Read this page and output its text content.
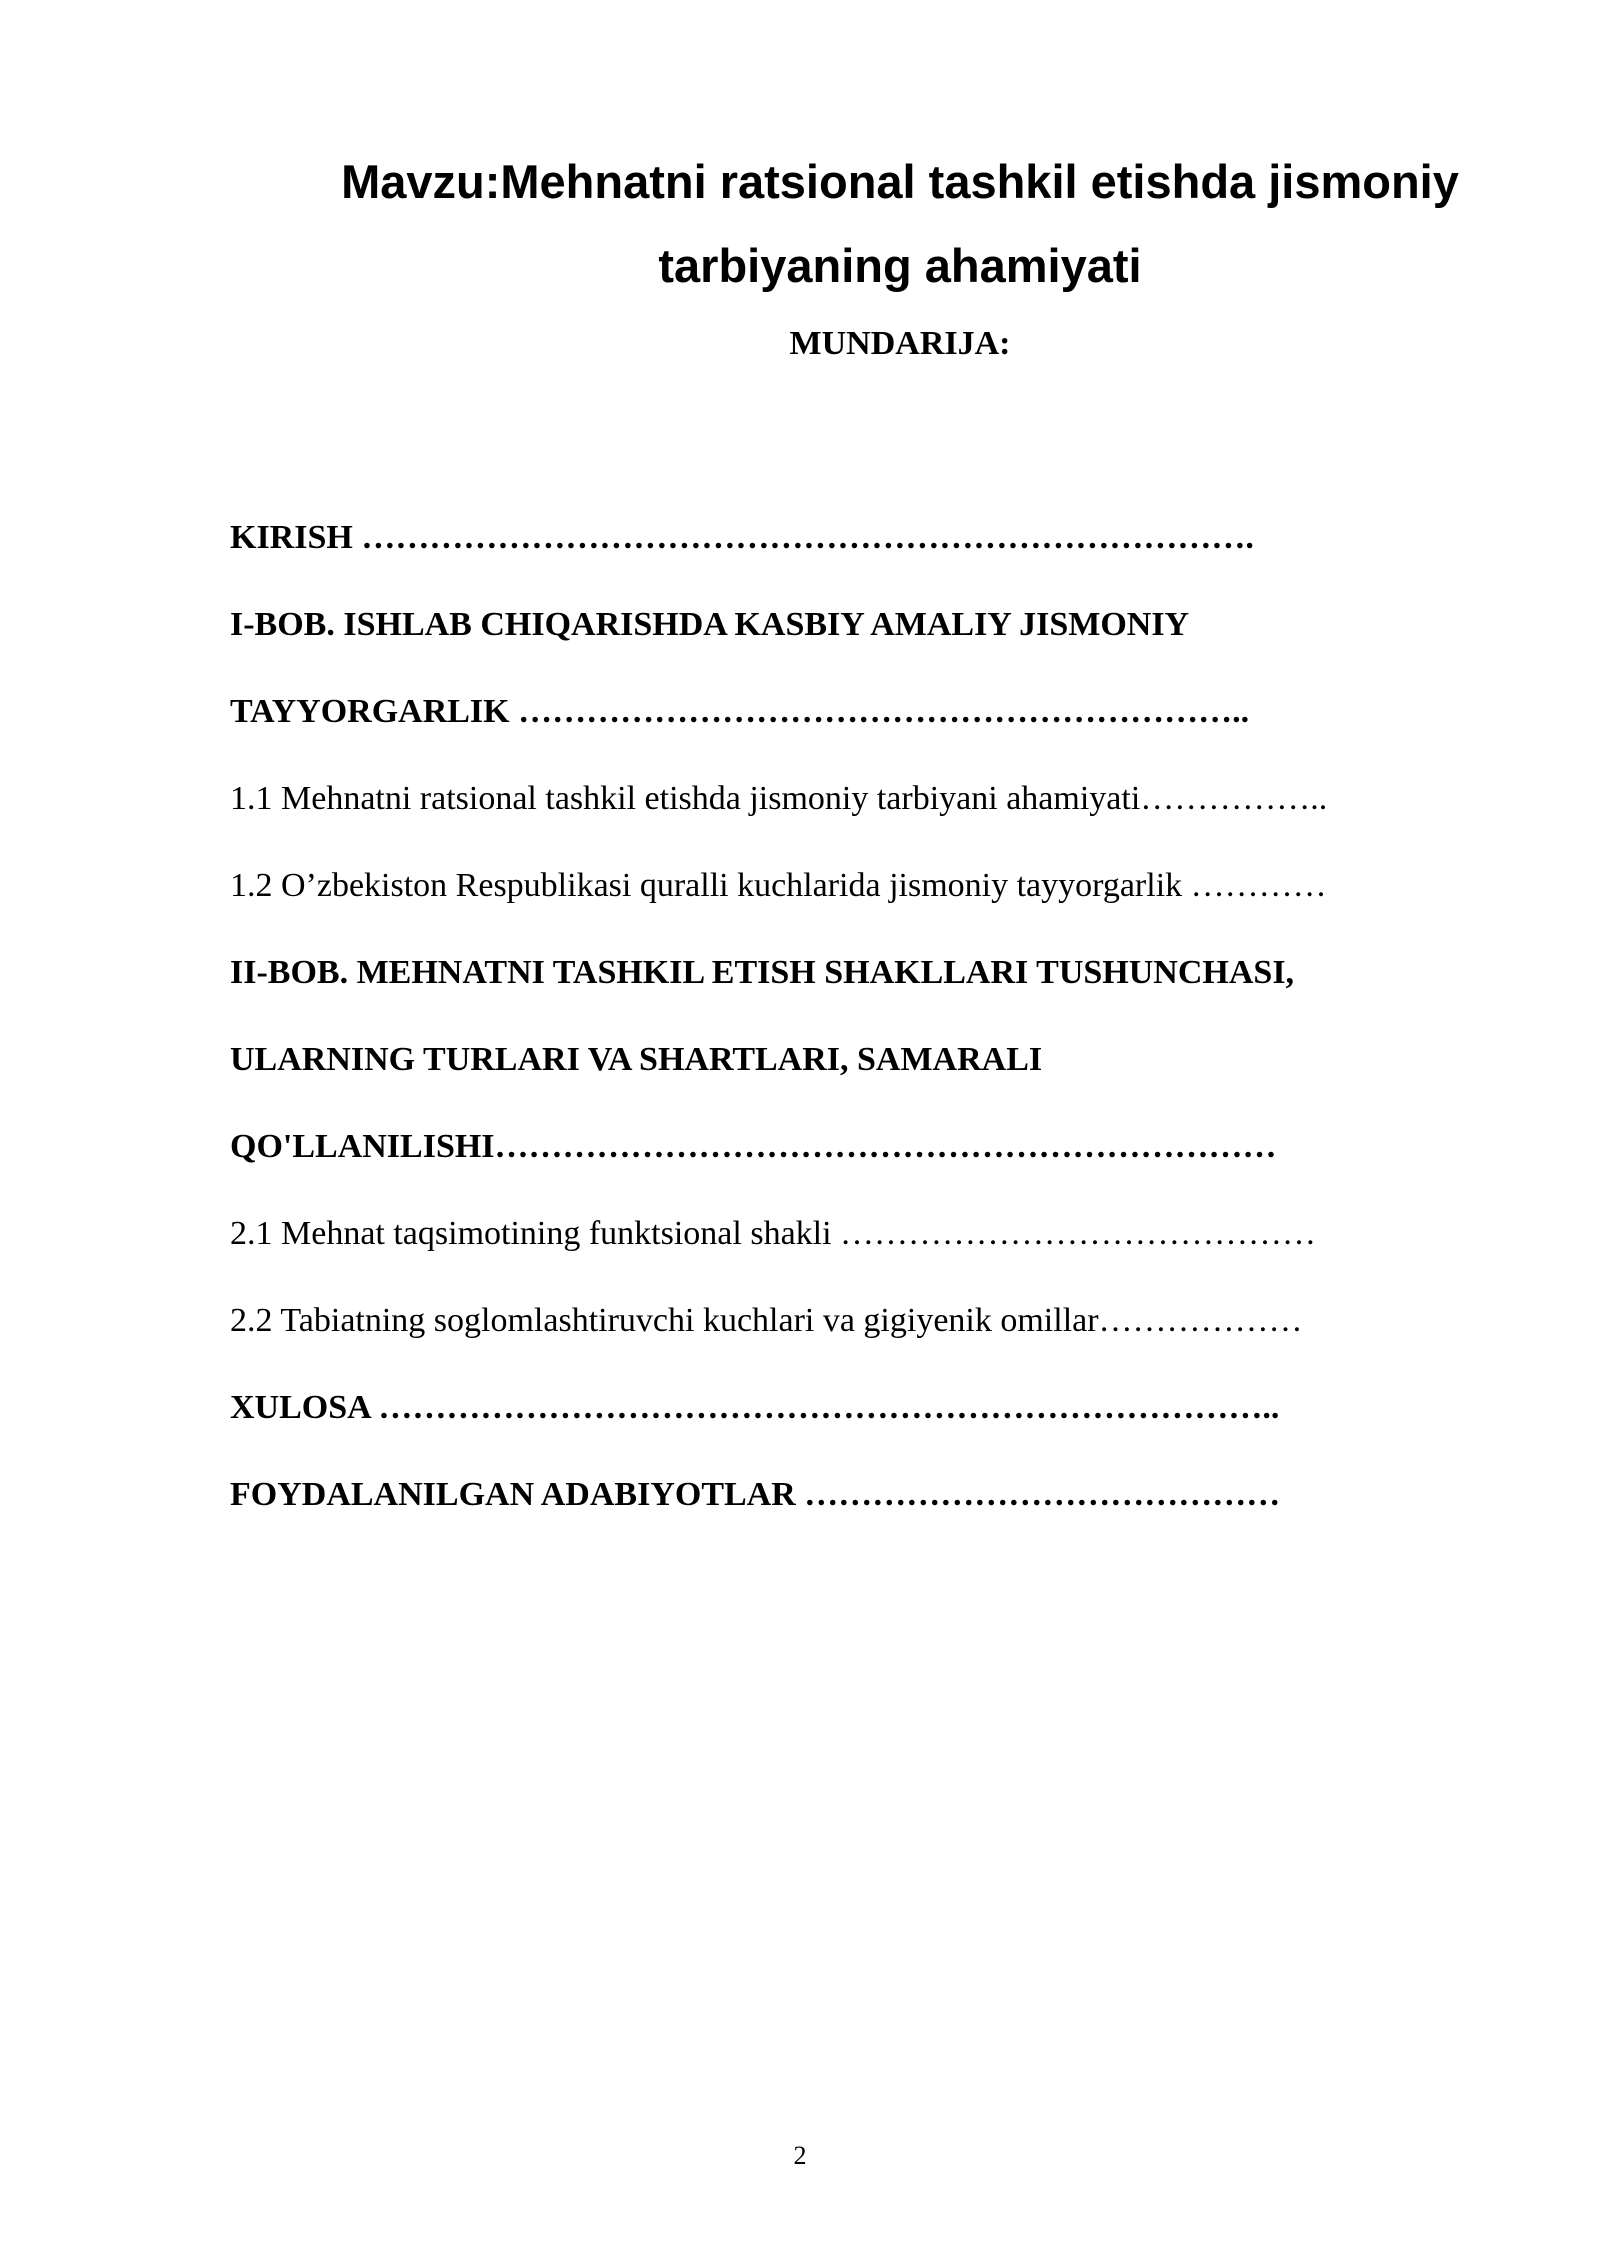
Mavzu:Mehnatni ratsional tashkil etishda jismoniy
tarbiyaning ahamiyati
MUNDARIJA:
KIRISH …………………………………………………………………….
I-BOB. ISHLAB CHIQARISHDA KASBIY AMALIY JISMONIY
TAYYORGARLIK ………………………………………………………..
1.1 Mehnatni ratsional tashkil etishda jismoniy tarbiyani ahamiyati……………..
1.2 O’zbekiston Respublikasi quralli kuchlarida jismoniy tayyorgarlik …………
II-BOB. MEHNATNI TASHKIL ETISH SHAKLLARI TUSHUNCHASI,
ULARNING TURLARI VA SHARTLARI, SAMARALI
QO'LLANILISHI……………………………………………………………
2.1 Mehnat taqsimotining funktsional shakli ……………………………………
2.2 Tabiatning soglomlashtiruvchi kuchlari va gigiyenik omillar………………
XULOSA ……………………………………………………………………..
FOYDALANILGAN ADABIYOTLAR ……………………………………
2
